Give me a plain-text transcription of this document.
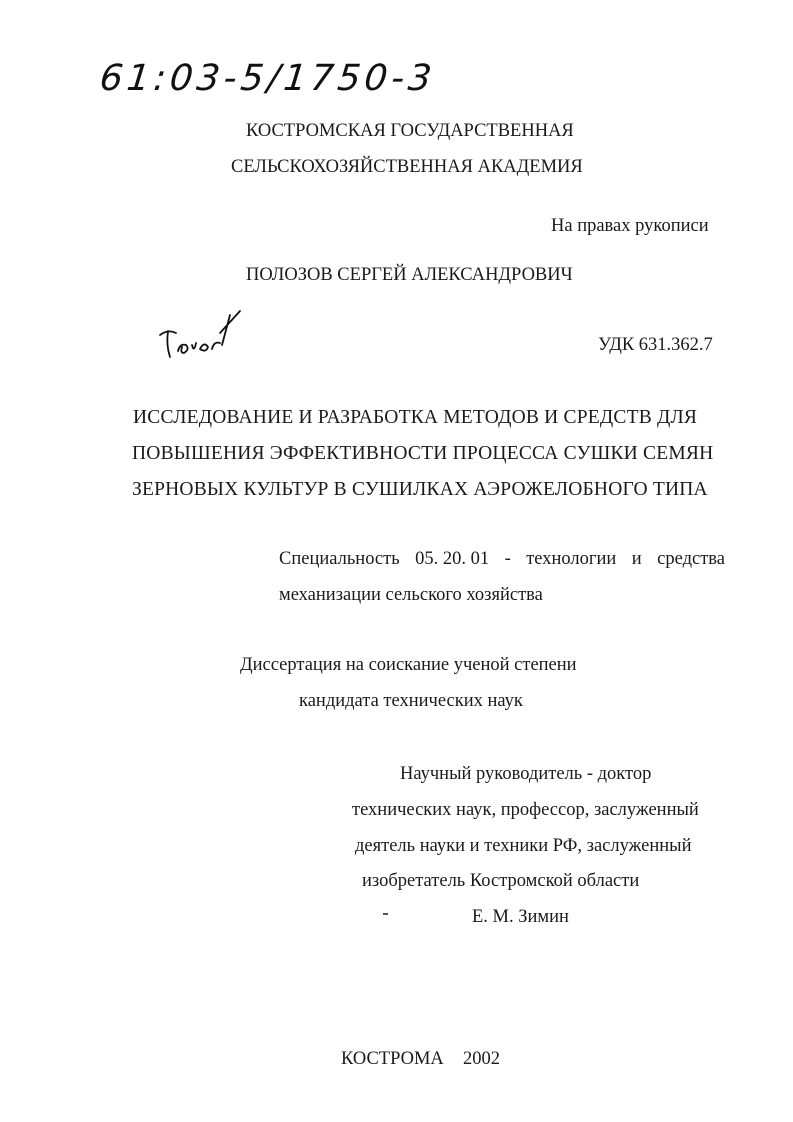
61:03-5/1750-3
КОСТРОМСКАЯ ГОСУДАРСТВЕННАЯ
СЕЛЬСКОХОЗЯЙСТВЕННАЯ АКАДЕМИЯ
На правах рукописи
ПОЛОЗОВ СЕРГЕЙ АЛЕКСАНДРОВИЧ
УДК 631.362.7
ИССЛЕДОВАНИЕ И РАЗРАБОТКА МЕТОДОВ И СРЕДСТВ ДЛЯ
ПОВЫШЕНИЯ ЭФФЕКТИВНОСТИ ПРОЦЕССА СУШКИ СЕМЯН
ЗЕРНОВЫХ КУЛЬТУР В СУШИЛКАХ АЭРОЖЕЛОБНОГО ТИПА
Специальность 05. 20. 01 - технологии и средства
механизации сельского хозяйства
Диссертация на соискание ученой степени
кандидата технических наук
Научный руководитель - доктор
технических наук, профессор, заслуженный
деятель науки и техники РФ, заслуженный
изобретатель Костромской области
Е. М. Зимин
КОСТРОМА 2002
